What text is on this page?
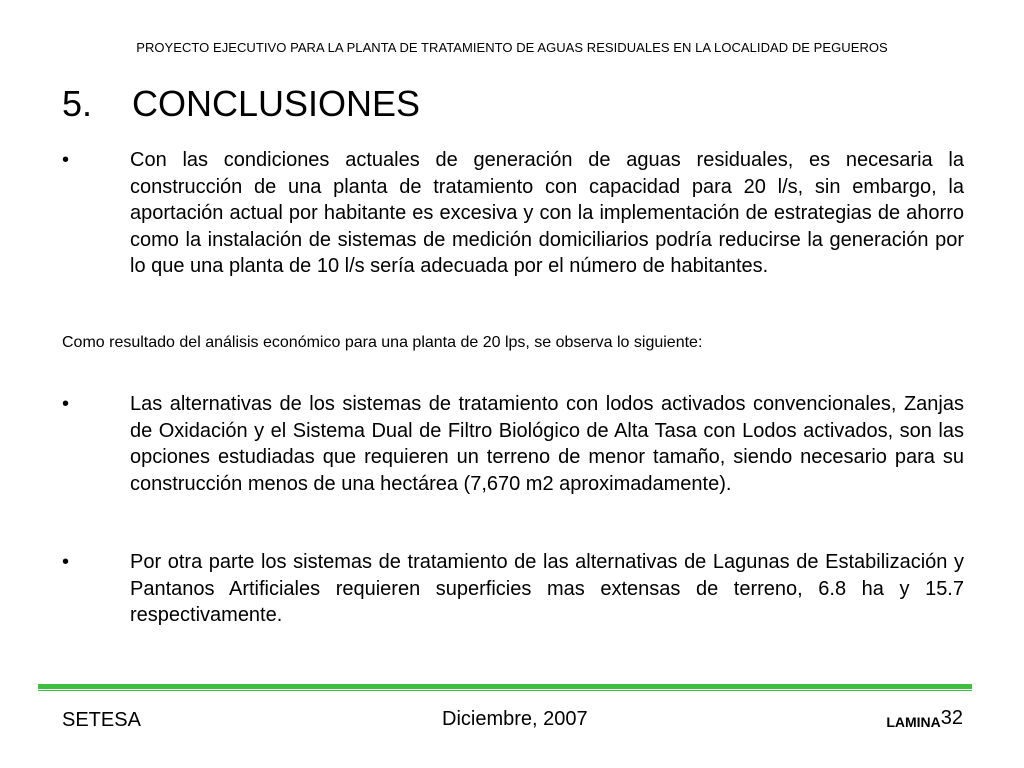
PROYECTO EJECUTIVO PARA LA PLANTA DE TRATAMIENTO DE AGUAS RESIDUALES EN LA LOCALIDAD DE PEGUEROS
5. CONCLUSIONES
•	Con las condiciones actuales de generación de aguas residuales, es necesaria la construcción de una planta de tratamiento con capacidad para 20 l/s, sin embargo, la aportación actual por habitante es excesiva y con la implementación de estrategias de ahorro como la instalación de sistemas de medición domiciliarios podría reducirse la generación por lo que una planta de 10 l/s sería adecuada por el número de habitantes.
Como resultado del análisis económico para una planta de 20 lps, se observa lo siguiente:
•	Las alternativas de los sistemas de tratamiento con lodos activados convencionales, Zanjas de Oxidación y el Sistema Dual de Filtro Biológico de Alta Tasa con Lodos activados, son las opciones estudiadas que requieren un terreno de menor tamaño, siendo necesario para su construcción menos de una hectárea (7,670 m2 aproximadamente).
•	Por otra parte los sistemas de tratamiento de las alternativas de Lagunas de Estabilización y Pantanos Artificiales requieren superficies mas extensas de terreno, 6.8 ha y 15.7 respectivamente.
SETESA	Diciembre, 2007	LAMINA32
